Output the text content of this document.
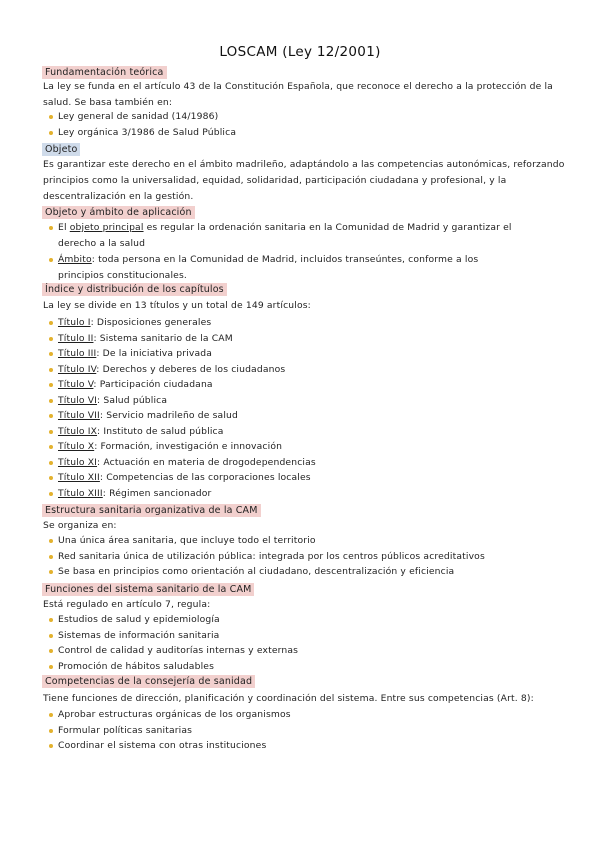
LOSCAM (Ley 12/2001)
Fundamentación teórica
La ley se funda en el artículo 43 de la Constitución Española, que reconoce el derecho a la protección de la salud. Se basa también en:
Ley general de sanidad (14/1986)
Ley orgánica 3/1986 de Salud Pública
Objeto
Es garantizar este derecho en el ámbito madrileño, adaptándolo a las competencias autonómicas, reforzando principios como la universalidad, equidad, solidaridad, participación ciudadana y profesional, y la descentralización en la gestión.
Objeto y ámbito de aplicación
El objeto principal es regular la ordenación sanitaria en la Comunidad de Madrid y garantizar el derecho a la salud
Ámbito: toda persona en la Comunidad de Madrid, incluidos transeúntes, conforme a los principios constitucionales.
Índice y distribución de los capítulos
La ley se divide en 13 títulos y un total de 149 artículos:
Título I: Disposiciones generales
Título II: Sistema sanitario de la CAM
Título III: De la iniciativa privada
Título IV: Derechos y deberes de los ciudadanos
Título V: Participación ciudadana
Título VI: Salud pública
Título VII: Servicio madrileño de salud
Título IX: Instituto de salud pública
Título X: Formación, investigación e innovación
Título XI: Actuación en materia de drogodependencias
Título XII: Competencias de las corporaciones locales
Título XIII: Régimen sancionador
Estructura sanitaria organizativa de la CAM
Se organiza en:
Una única área sanitaria, que incluye todo el territorio
Red sanitaria única de utilización pública: integrada por los centros públicos acreditativos
Se basa en principios como orientación al ciudadano, descentralización y eficiencia
Funciones del sistema sanitario de la CAM
Está regulado en artículo 7, regula:
Estudios de salud y epidemiología
Sistemas de información sanitaria
Control de calidad y auditorías internas y externas
Promoción de hábitos saludables
Competencias de la consejería de sanidad
Tiene funciones de dirección, planificación y coordinación del sistema. Entre sus competencias (Art. 8):
Aprobar estructuras orgánicas de los organismos
Formular políticas sanitarias
Coordinar el sistema con otras instituciones
